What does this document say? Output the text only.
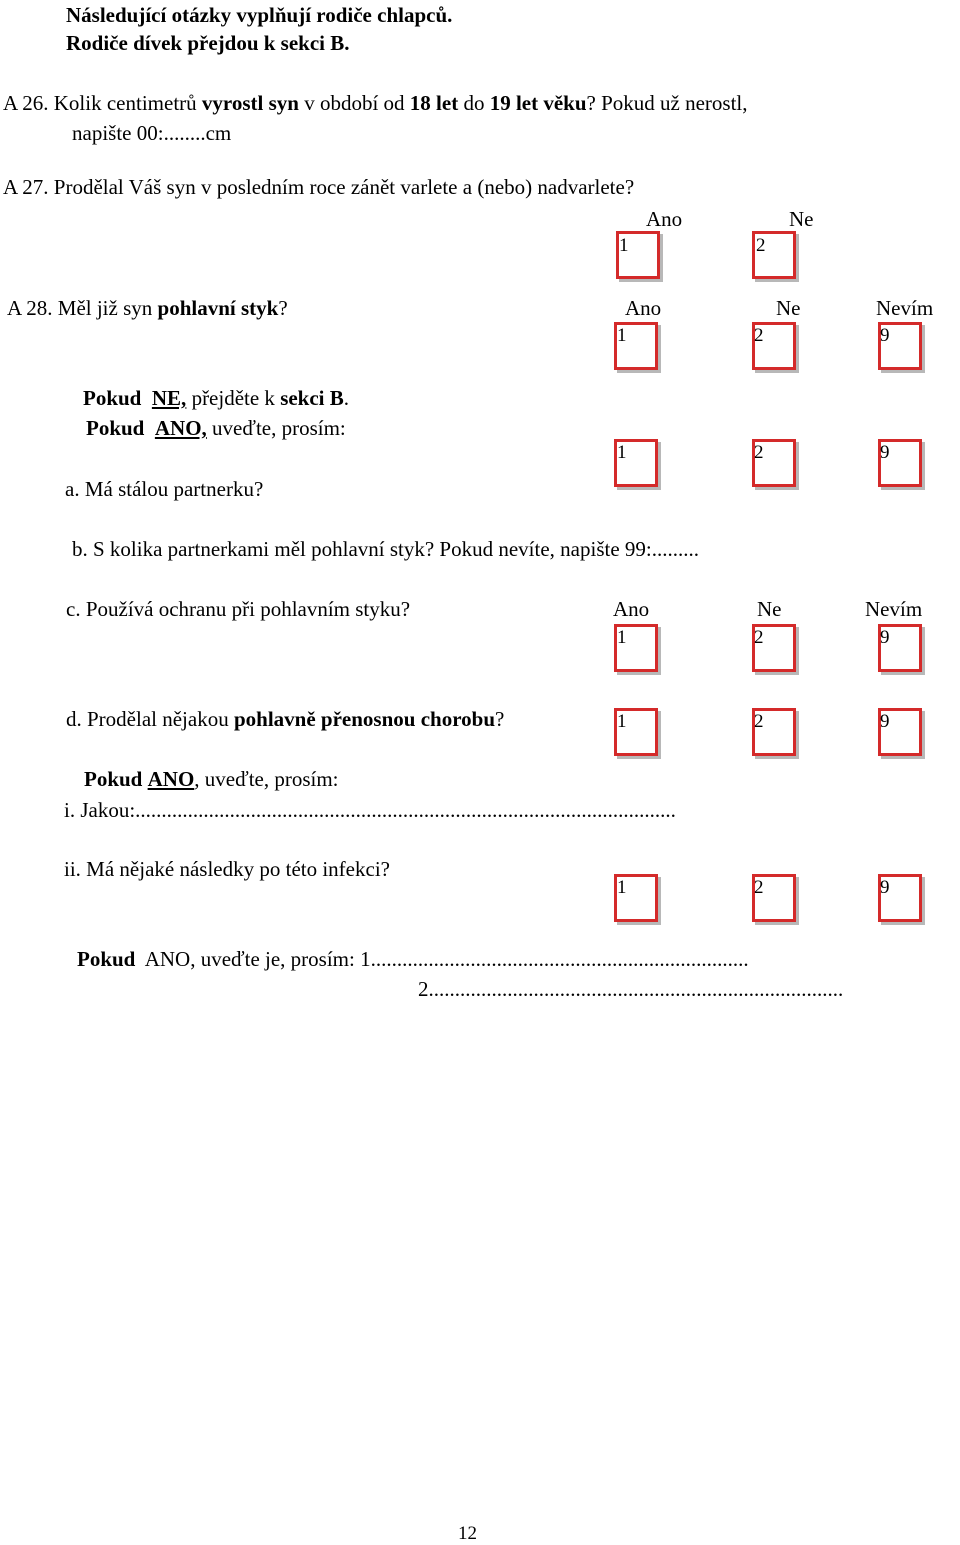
Následující otázky vyplňují rodiče chlapců.
Rodiče dívek přejdou k sekci B.
A 26. Kolik centimetrů vyrostl syn v období od 18 let do 19 let věku? Pokud už nerostl,
napište 00:........cm
A 27. Prodělal Váš syn v posledním roce zánět varlete a (nebo) nadvarlete?
Ano	Ne
1	2
A 28. Měl již syn pohlavní styk?	Ano	Ne	Nevím
1	2	9
Pokud NE, přejděte k sekci B.
Pokud ANO, uveďte, prosím:
a. Má stálou partnerku?
1	2	9
b. S kolika partnerkami měl pohlavní styk? Pokud nevíte, napište 99:.........
c. Používá ochranu při pohlavním styku?	Ano	Ne	Nevím
1	2	9
d. Prodělal nějakou pohlavně přenosnou chorobu?	1	2	9
Pokud ANO, uveďte, prosím:
i. Jakou:.......................................................................................................
ii. Má nějaké následky po této infekci?
1	2	9
Pokud ANO, uveďte je, prosím: 1........................................................................
2...............................................................................
12
